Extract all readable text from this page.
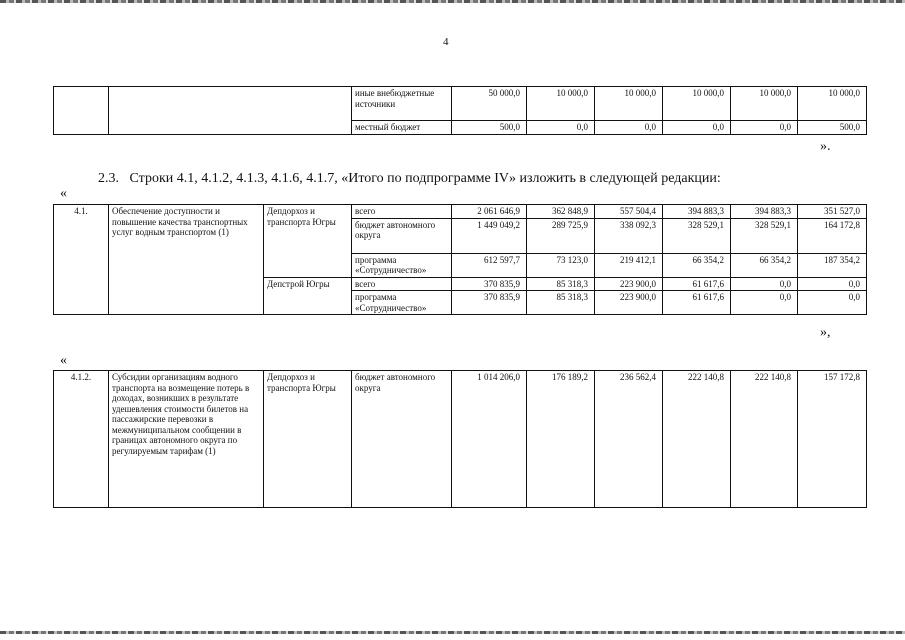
4
		иные внебюджетные источники	50 000,0	10 000,0	10 000,0	10 000,0	10 000,0	10 000,0
		местный бюджет	500,0	0,0	0,0	0,0	0,0	500,0
».
2.3. Строки 4.1, 4.1.2, 4.1.3, 4.1.6, 4.1.7, «Итого по подпрограмме IV» изложить в следующей редакции:
«
4.1.	Обеспечение доступности и повышение качества транспортных услуг водным транспортом (1)	Депдорхоз и транспорта Югры	всего	2 061 646,9	362 848,9	557 504,4	394 883,3	394 883,3	351 527,0
			бюджет автономного округа	1 449 049,2	289 725,9	338 092,3	328 529,1	328 529,1	164 172,8
			программа «Сотрудничество»	612 597,7	73 123,0	219 412,1	66 354,2	66 354,2	187 354,2
		Депстрой Югры	всего	370 835,9	85 318,3	223 900,0	61 617,6	0,0	0,0
			программа «Сотрудничество»	370 835,9	85 318,3	223 900,0	61 617,6	0,0	0,0
»,
«
4.1.2.	Субсидии организациям водного транспорта на возмещение потерь в доходах, возникших в результате удешевления стоимости билетов на пассажирские перевозки в межмуниципальном сообщении в границах автономного округа по регулируемым тарифам (1)	Депдорхоз и транспорта Югры	бюджет автономного округа	1 014 206,0	176 189,2	236 562,4	222 140,8	222 140,8	157 172,8
